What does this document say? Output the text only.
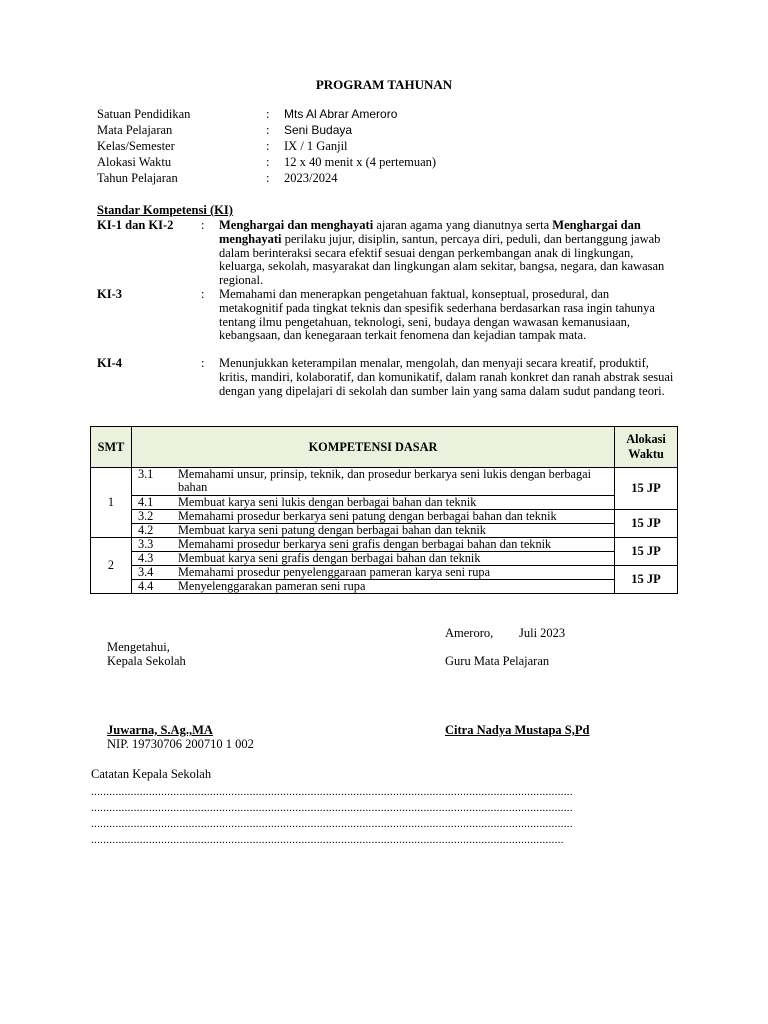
PROGRAM TAHUNAN
Satuan Pendidikan	: Mts Al Abrar Ameroro
Mata Pelajaran	: Seni Budaya
Kelas/Semester	: IX / 1 Ganjil
Alokasi Waktu	: 12 x 40 menit x (4 pertemuan)
Tahun Pelajaran	: 2023/2024
Standar Kompetensi (KI)
KI-1 dan KI-2 : Menghargai dan menghayati ajaran agama yang dianutnya serta Menghargai dan menghayati perilaku jujur, disiplin, santun, percaya diri, peduli, dan bertanggung jawab dalam berinteraksi secara efektif sesuai dengan perkembangan anak di lingkungan, keluarga, sekolah, masyarakat dan lingkungan alam sekitar, bangsa, negara, dan kawasan regional.
KI-3	: Memahami dan menerapkan pengetahuan faktual, konseptual, prosedural, dan metakognitif pada tingkat teknis dan spesifik sederhana berdasarkan rasa ingin tahunya tentang ilmu pengetahuan, teknologi, seni, budaya dengan wawasan kemanusiaan, kebangsaan, dan kenegaraan terkait fenomena dan kejadian tampak mata.
KI-4	: Menunjukkan keterampilan menalar, mengolah, dan menyaji secara kreatif, produktif, kritis, mandiri, kolaboratif, dan komunikatif, dalam ranah konkret dan ranah abstrak sesuai dengan yang dipelajari di sekolah dan sumber lain yang sama dalam sudut pandang teori.
SMT	KOMPETENSI DASAR	Alokasi
Waktu
1	3.1 Memahami unsur, prinsip, teknik, dan prosedur berkarya seni lukis dengan berbagai bahan	15 JP

	4.1 Membuat karya seni lukis dengan berbagai bahan dan teknik	

	3.2 Memahami prosedur berkarya seni patung dengan berbagai bahan dan teknik	15 JP

	4.2 Membuat karya seni patung dengan berbagai bahan dan teknik	

2	3.3 Memahami prosedur berkarya seni grafis dengan berbagai bahan dan teknik	15 JP

	4.3 Membuat karya seni grafis dengan berbagai bahan dan teknik	

	3.4 Memahami prosedur penyelenggaraan pameran karya seni rupa	15 JP

	4.4 Menyelenggarakan pameran seni rupa	
Ameroro, Juli 2023
Mengetahui,
Kepala Sekolah	Guru Mata Pelajaran
Juwarna, S.Ag.,MA
NIP. 19730706 200710 1 002
Citra Nadya Mustapa S,Pd
Catatan Kepala Sekolah
..............................................................................................................................................................
..............................................................................................................................................................
..............................................................................................................................................................
...........................................................................................................................................................
